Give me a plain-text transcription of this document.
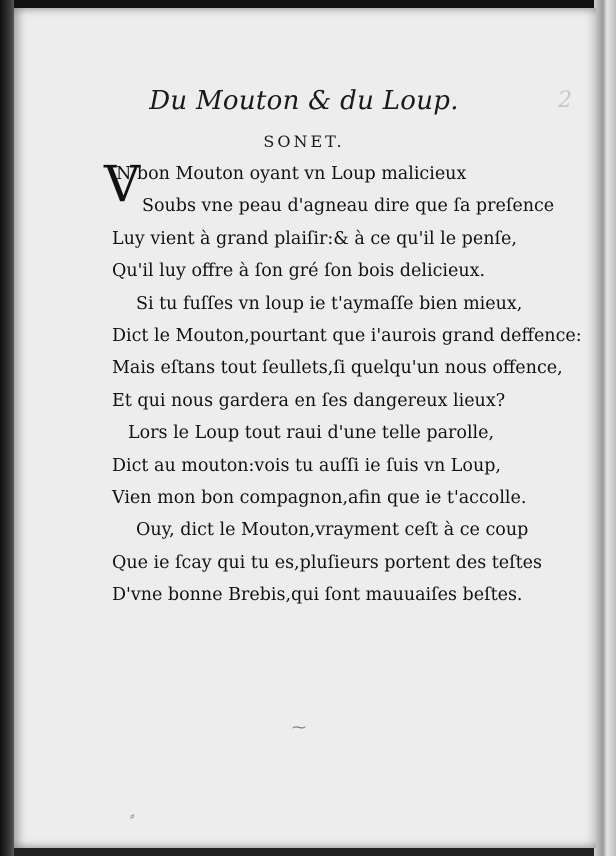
2
Du Mouton & du Loup.
SONET.
V
N bon Mouton oyant vn Loup malicieux
Soubs vne peau d'agneau dire que ſa preſence
Luy vient à grand plaiſir:& à ce qu'il le penſe,
Qu'il luy offre à ſon gré ſon bois delicieux.
Si tu fuſſes vn loup ie t'aymaſſe bien mieux,
Dict le Mouton,pourtant que i'aurois grand deffence:
Mais eſtans tout ſeullets,ſi quelqu'un nous offence,
Et qui nous gardera en ſes dangereux lieux?
Lors le Loup tout raui d'une telle parolle,
Dict au mouton:vois tu auſſi ie ſuis vn Loup,
Vien mon bon compagnon,afin que ie t'accolle.
Ouy, dict le Mouton,vrayment ceſt à ce coup
Que ie ſcay qui tu es,pluſieurs portent des teſtes
D'vne bonne Brebis,qui ſont mauuaiſes beſtes.
⁓
⸗
